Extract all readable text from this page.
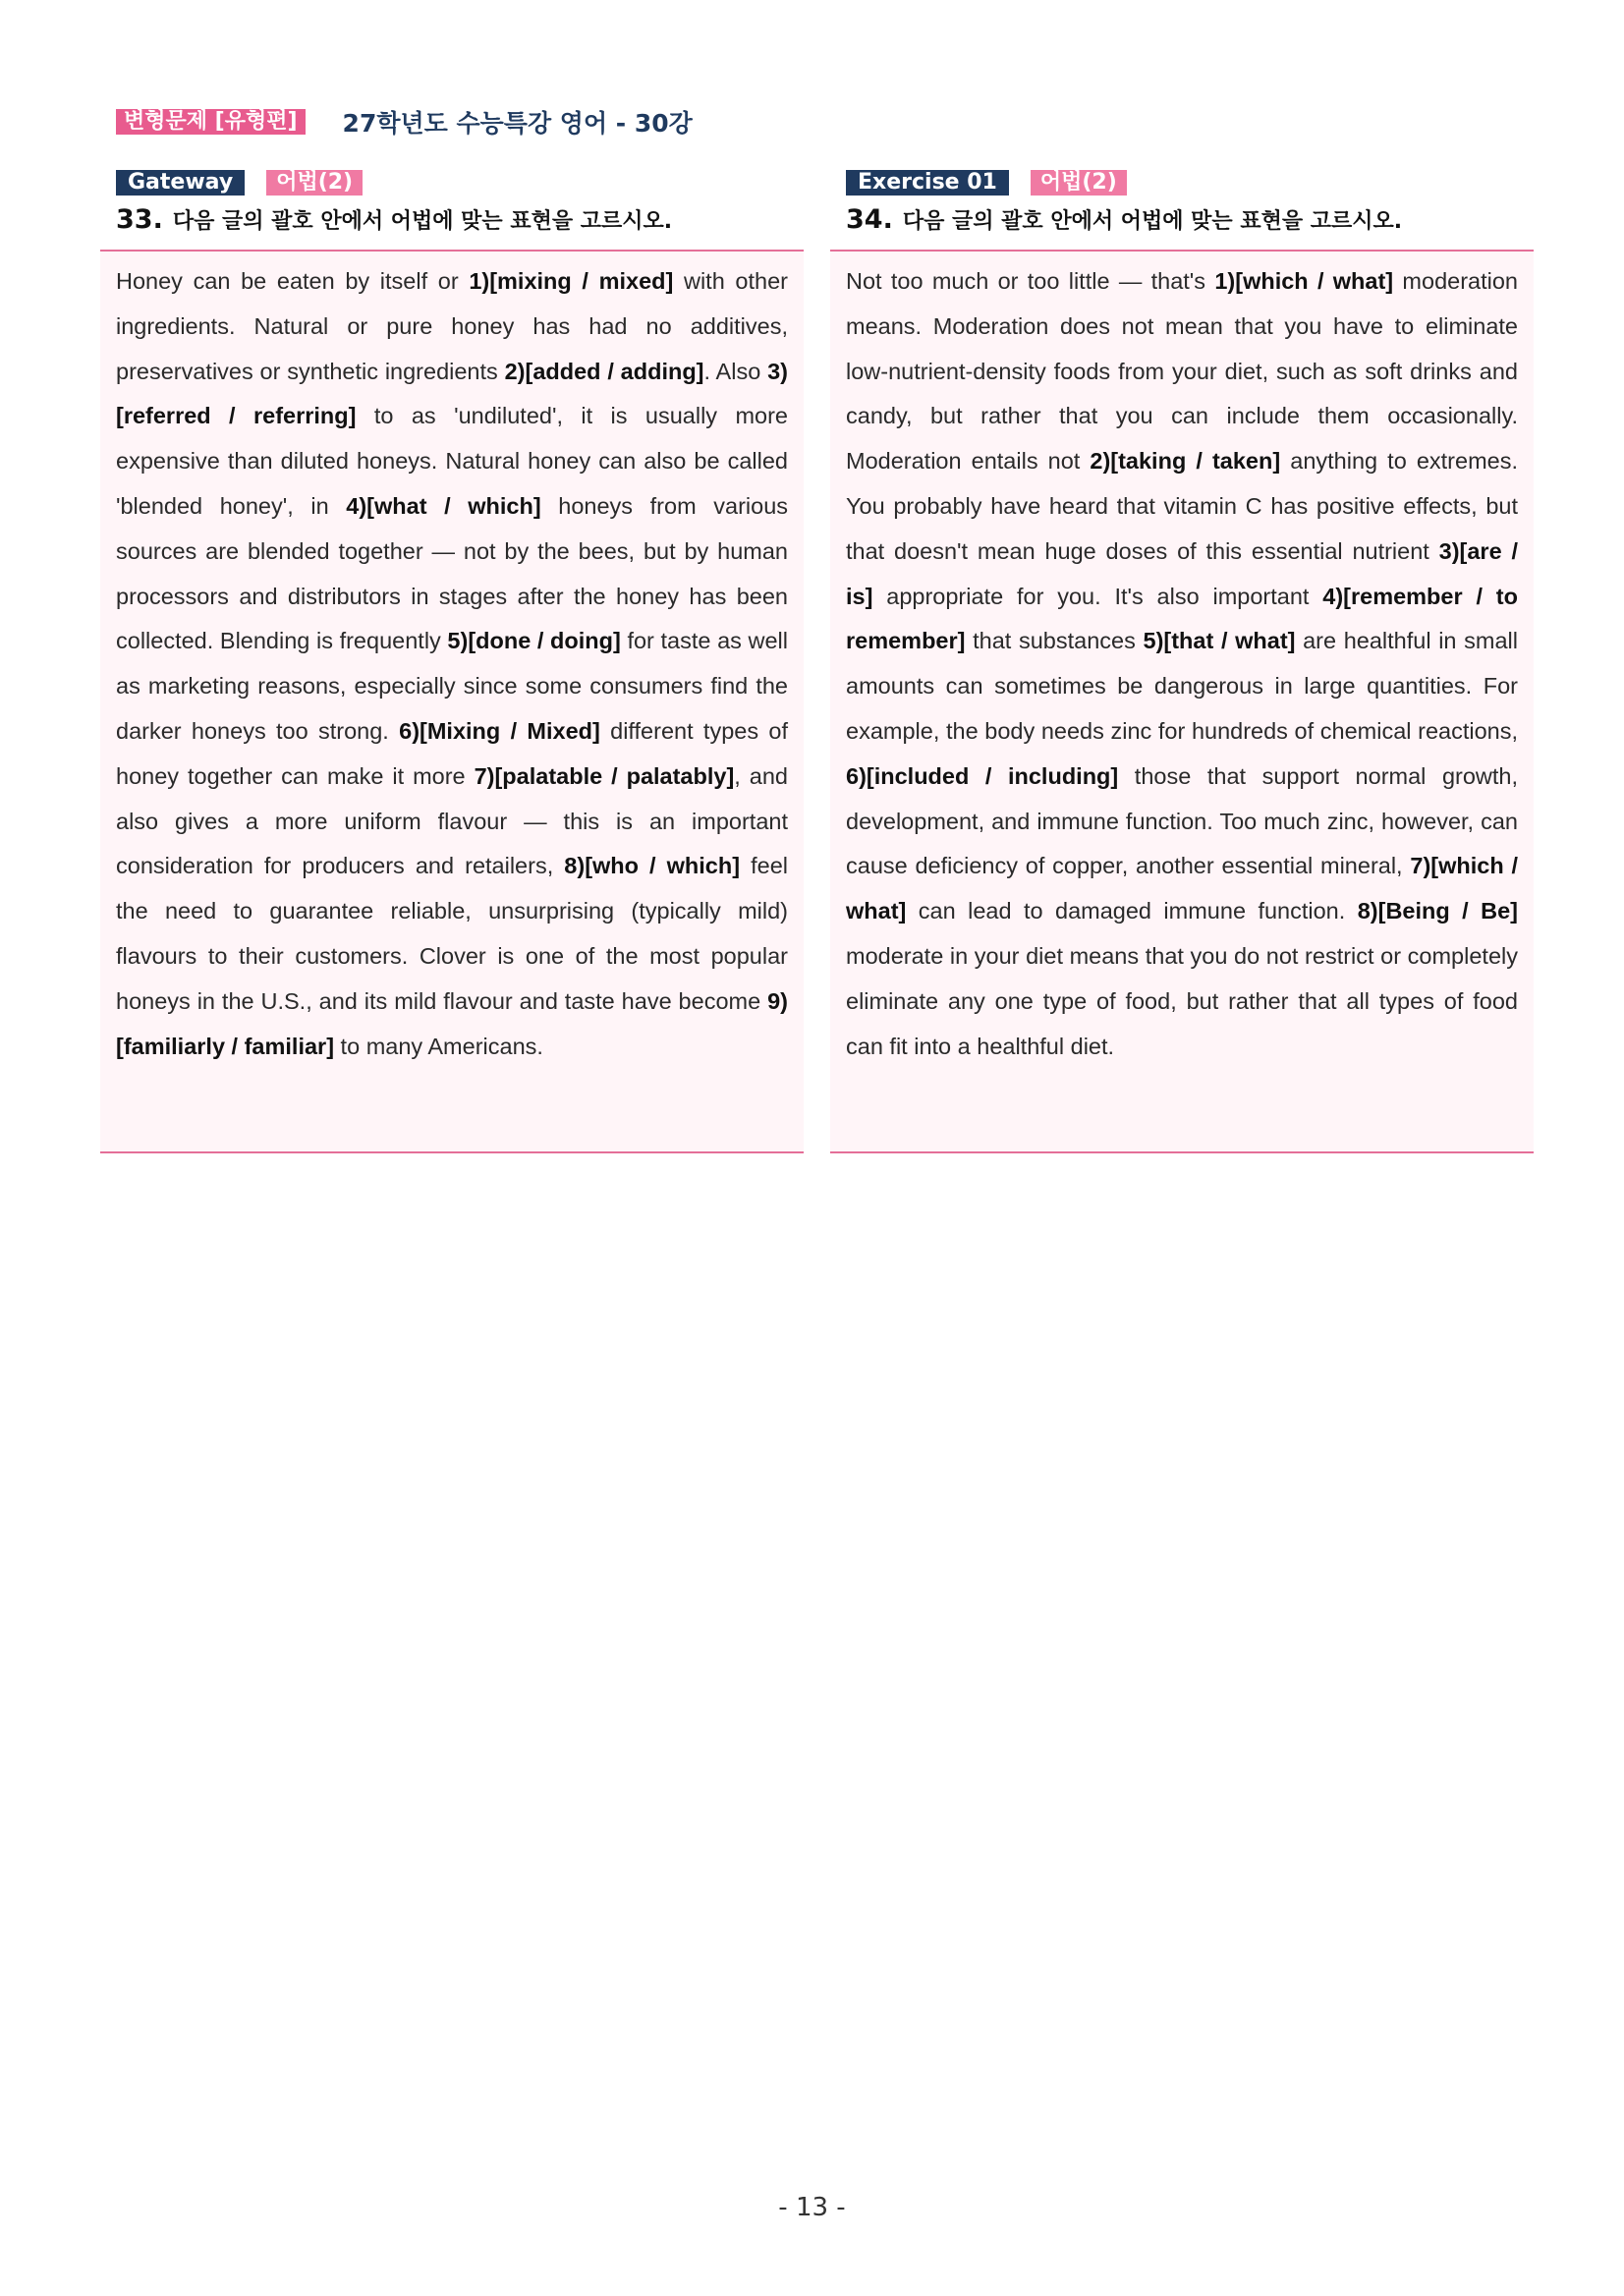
변형문제 [유형편]	27학년도 수능특강 영어 - 30강
Gateway	어법(2)
33. 다음 글의 괄호 안에서 어법에 맞는 표현을 고르시오.

Honey can be eaten by itself or 1)[mixing / mixed] with other ingredients. Natural or pure honey has had no additives, preservatives or synthetic ingredients 2)[added / adding]. Also 3)[referred / referring] to as 'undiluted', it is usually more expensive than diluted honeys. Natural honey can also be called 'blended honey', in 4)[what / which] honeys from various sources are blended together — not by the bees, but by human processors and distributors in stages after the honey has been collected. Blending is frequently 5)[done / doing] for taste as well as marketing reasons, especially since some consumers find the darker honeys too strong. 6)[Mixing / Mixed] different types of honey together can make it more 7)[palatable / palatably], and also gives a more uniform flavour — this is an important consideration for producers and retailers, 8)[who / which] feel the need to guarantee reliable, unsurprising (typically mild) flavours to their customers. Clover is one of the most popular honeys in the U.S., and its mild flavour and taste have become 9)[familiarly / familiar] to many Americans.

Exercise 01	어법(2)
34. 다음 글의 괄호 안에서 어법에 맞는 표현을 고르시오.

Not too much or too little — that's 1)[which / what] moderation means. Moderation does not mean that you have to eliminate low-nutrient-density foods from your diet, such as soft drinks and candy, but rather that you can include them occasionally. Moderation entails not 2)[taking / taken] anything to extremes. You probably have heard that vitamin C has positive effects, but that doesn't mean huge doses of this essential nutrient 3)[are / is] appropriate for you. It's also important 4)[remember / to remember] that substances 5)[that / what] are healthful in small amounts can sometimes be dangerous in large quantities. For example, the body needs zinc for hundreds of chemical reactions, 6)[included / including] those that support normal growth, development, and immune function. Too much zinc, however, can cause deficiency of copper, another essential mineral, 7)[which / what] can lead to damaged immune function. 8)[Being / Be] moderate in your diet means that you do not restrict or completely eliminate any one type of food, but rather that all types of food can fit into a healthful diet.

- 13 -
